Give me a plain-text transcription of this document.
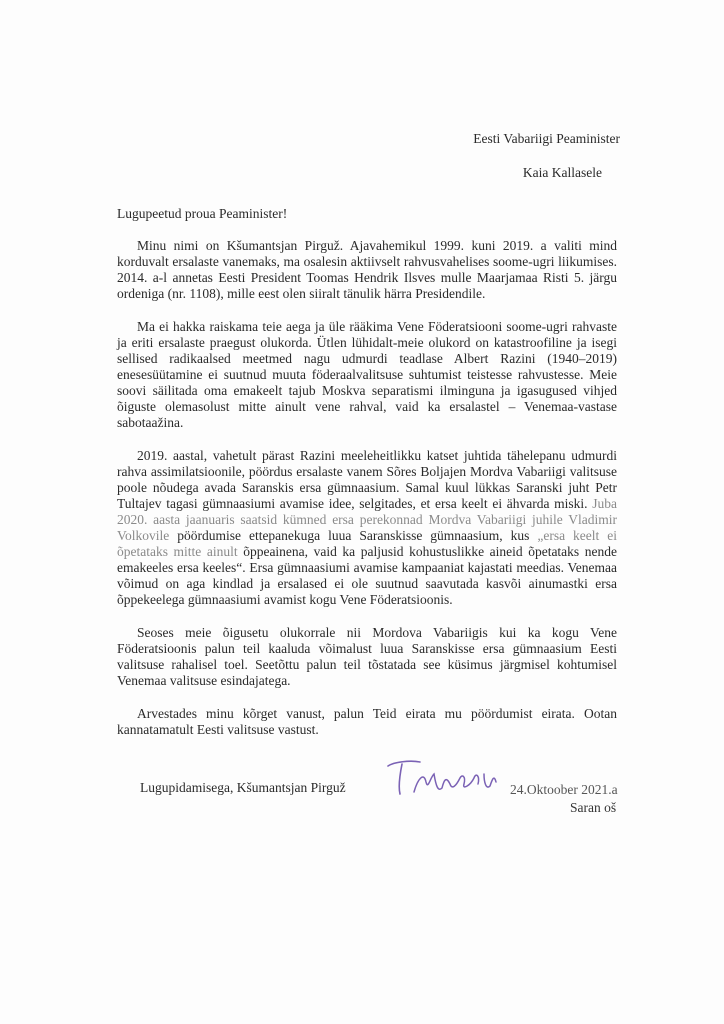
Eesti Vabariigi Peaminister
Kaia Kallasele
Lugupeetud proua Peaminister!

Minu nimi on Kšumantsjan Pirguž. Ajavahemikul 1999. kuni 2019. a valiti mind korduvalt ersalaste vanemaks, ma osalesin aktiivselt rahvusvahelises soome-ugri liikumises. 2014. a-l annetas Eesti President Toomas Hendrik Ilsves mulle Maarjamaa Risti 5. järgu ordeniga (nr. 1108), mille eest olen siiralt tänulik härra Presidendile.

Ma ei hakka raiskama teie aega ja üle rääkima Vene Föderatsiooni soome-ugri rahvaste ja eriti ersalaste praegust olukorda. Ütlen lühidalt-meie olukord on katastroofiline ja isegi sellised radikaalsed meetmed nagu udmurdi teadlase Albert Razini (1940–2019) enesesüütamine ei suutnud muuta föderaalvalitsuse suhtumist teistesse rahvustesse. Meie soovi säilitada oma emakeelt tajub Moskva separatismi ilminguna ja igasugused vihjed õiguste olemasolust mitte ainult vene rahval, vaid ka ersalastel – Venemaa-vastase sabotaažina.

2019. aastal, vahetult pärast Razini meeleheitlikku katset juhtida tähelepanu udmurdi rahva assimilatsioonile, pöördus ersalaste vanem Sõres Boljajen Mordva Vabariigi valitsuse poole nõudega avada Saranskis ersa gümnaasium. Samal kuul lükkas Saranski juht Petr Tultajev tagasi gümnaasiumi avamise idee, selgitades, et ersa keelt ei ähvarda miski. Juba 2020. aasta jaanuaris saatsid kümned ersa perekonnad Mordva Vabariigi juhile Vladimir Volkovile pöördumise ettepanekuga luua Saranskisse gümnaasium, kus „ersa keelt ei õpetataks mitte ainult õppeainena, vaid ka paljusid kohustuslikke aineid õpetataks nende emakeeles ersa keeles“. Ersa gümnaasiumi avamise kampaaniat kajastati meedias. Venemaa võimud on aga kindlad ja ersalased ei ole suutnud saavutada kasvõi ainumastki ersa õppekeelega gümnaasiumi avamist kogu Vene Föderatsioonis.

Seoses meie õigusetu olukorrale nii Mordova Vabariigis kui ka kogu Vene Föderatsioonis palun teil kaaluda võimalust luua Saranskisse ersa gümnaasium Eesti valitsuse rahalisel toel. Seetõttu palun teil tõstatada see küsimus järgmisel kohtumisel Venemaa valitsuse esindajatega.

Arvestades minu kõrget vanust, palun Teid eirata mu pöördumist eirata. Ootan kannatamatult Eesti valitsuse vastust.

Lugupidamisega, Kšumantsjan Pirguž	24.Oktoober 2021.a
Saran oš
